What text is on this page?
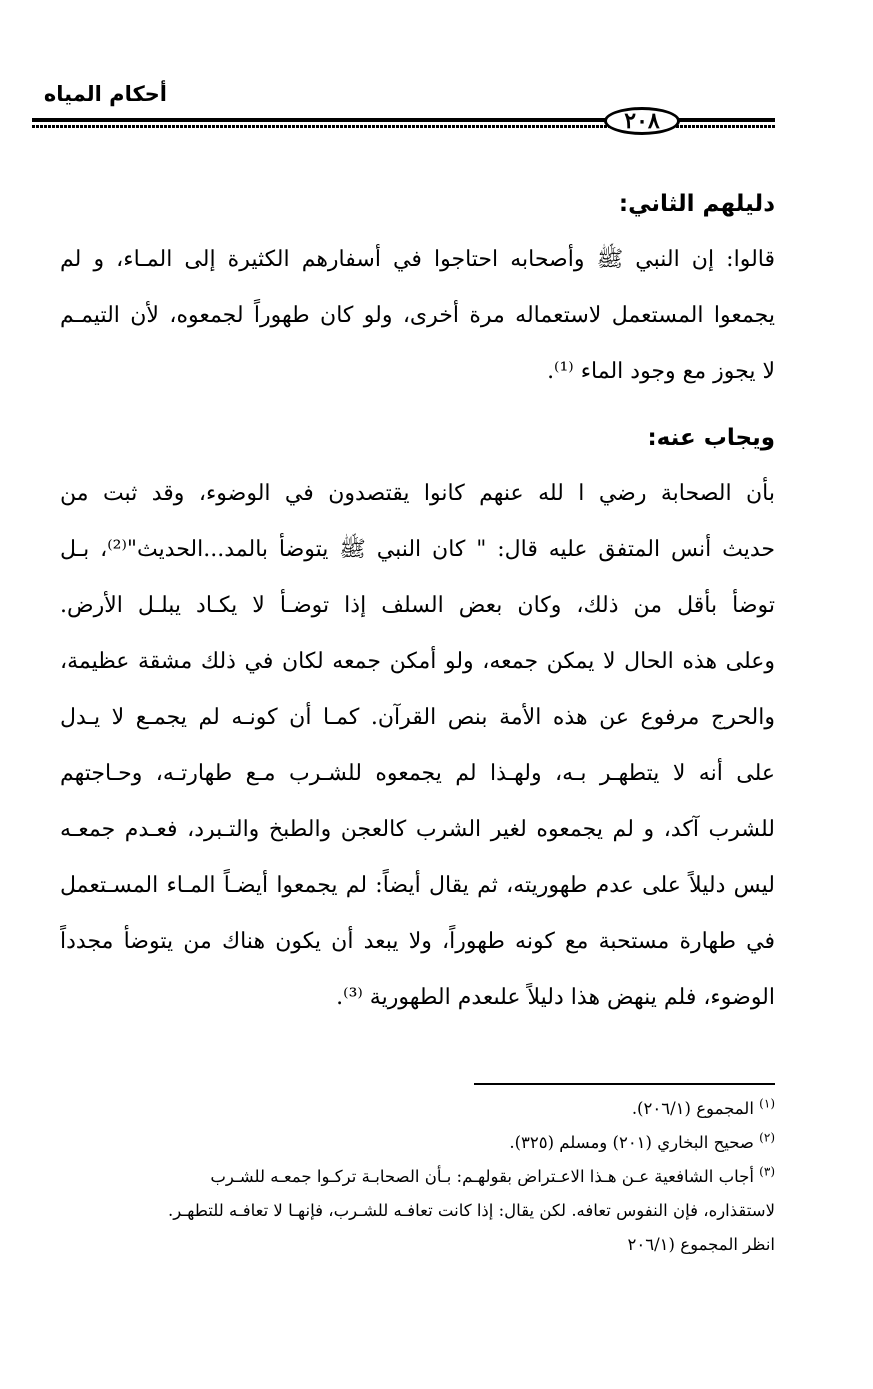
أحكام المياه
٢٠٨
دليلهم الثاني:
قالوا: إن النبي ﷺ وأصحابه احتاجوا في أسفارهم الكثيرة إلى المـاء، و لم
يجمعوا المستعمل لاستعماله مرة أخرى، ولو كان طهوراً لجمعوه، لأن التيمـم
لا يجوز مع وجود الماء ⁽¹⁾.
ويجاب عنه:
بأن الصحابة رضي ا لله عنهم كانوا يقتصدون في الوضوء، وقد ثبت من
حديث أنس المتفق عليه قال: " كان النبي ﷺ يتوضأ بالمد...الحديث"⁽²⁾، بـل
توضأ بأقل من ذلك، وكان بعض السلف إذا توضـأ لا يكـاد يبلـل الأرض.
وعلى هذه الحال لا يمكن جمعه، ولو أمكن جمعه لكان في ذلك مشقة عظيمة،
والحرج مرفوع عن هذه الأمة بنص القرآن. كمـا أن كونـه لم يجمـع لا يـدل
على أنه لا يتطهـر بـه، ولهـذا لم يجمعوه للشـرب مـع طهارتـه، وحـاجتهم
للشرب آكد، و لم يجمعوه لغير الشرب كالعجن والطبخ والتـبرد، فعـدم جمعـه
ليس دليلاً على عدم طهوريته، ثم يقال أيضاً: لم يجمعوا أيضـاً المـاء المسـتعمل
في طهارة مستحبة مع كونه طهوراً، ولا يبعد أن يكون هناك من يتوضأ مجدداً
الوضوء، فلم ينهض هذا دليلاً علىعدم الطهورية ⁽³⁾.
$^{(١)}$ المجموع (٢٠٦/١).
$^{(٢)}$ صحيح البخاري (٢٠١) ومسلم (٣٢٥).
$^{(٣)}$ أجاب الشافعية عـن هـذا الاعـتراض بقولهـم: بـأن الصحابـة تركـوا جمعـه للشـرب
لاستقذاره، فإن النفوس تعافه. لكن يقال: إذا كانت تعافـه للشـرب، فإنهـا لا تعافـه للتطهـر.
انظر المجموع (٢٠٦/١
